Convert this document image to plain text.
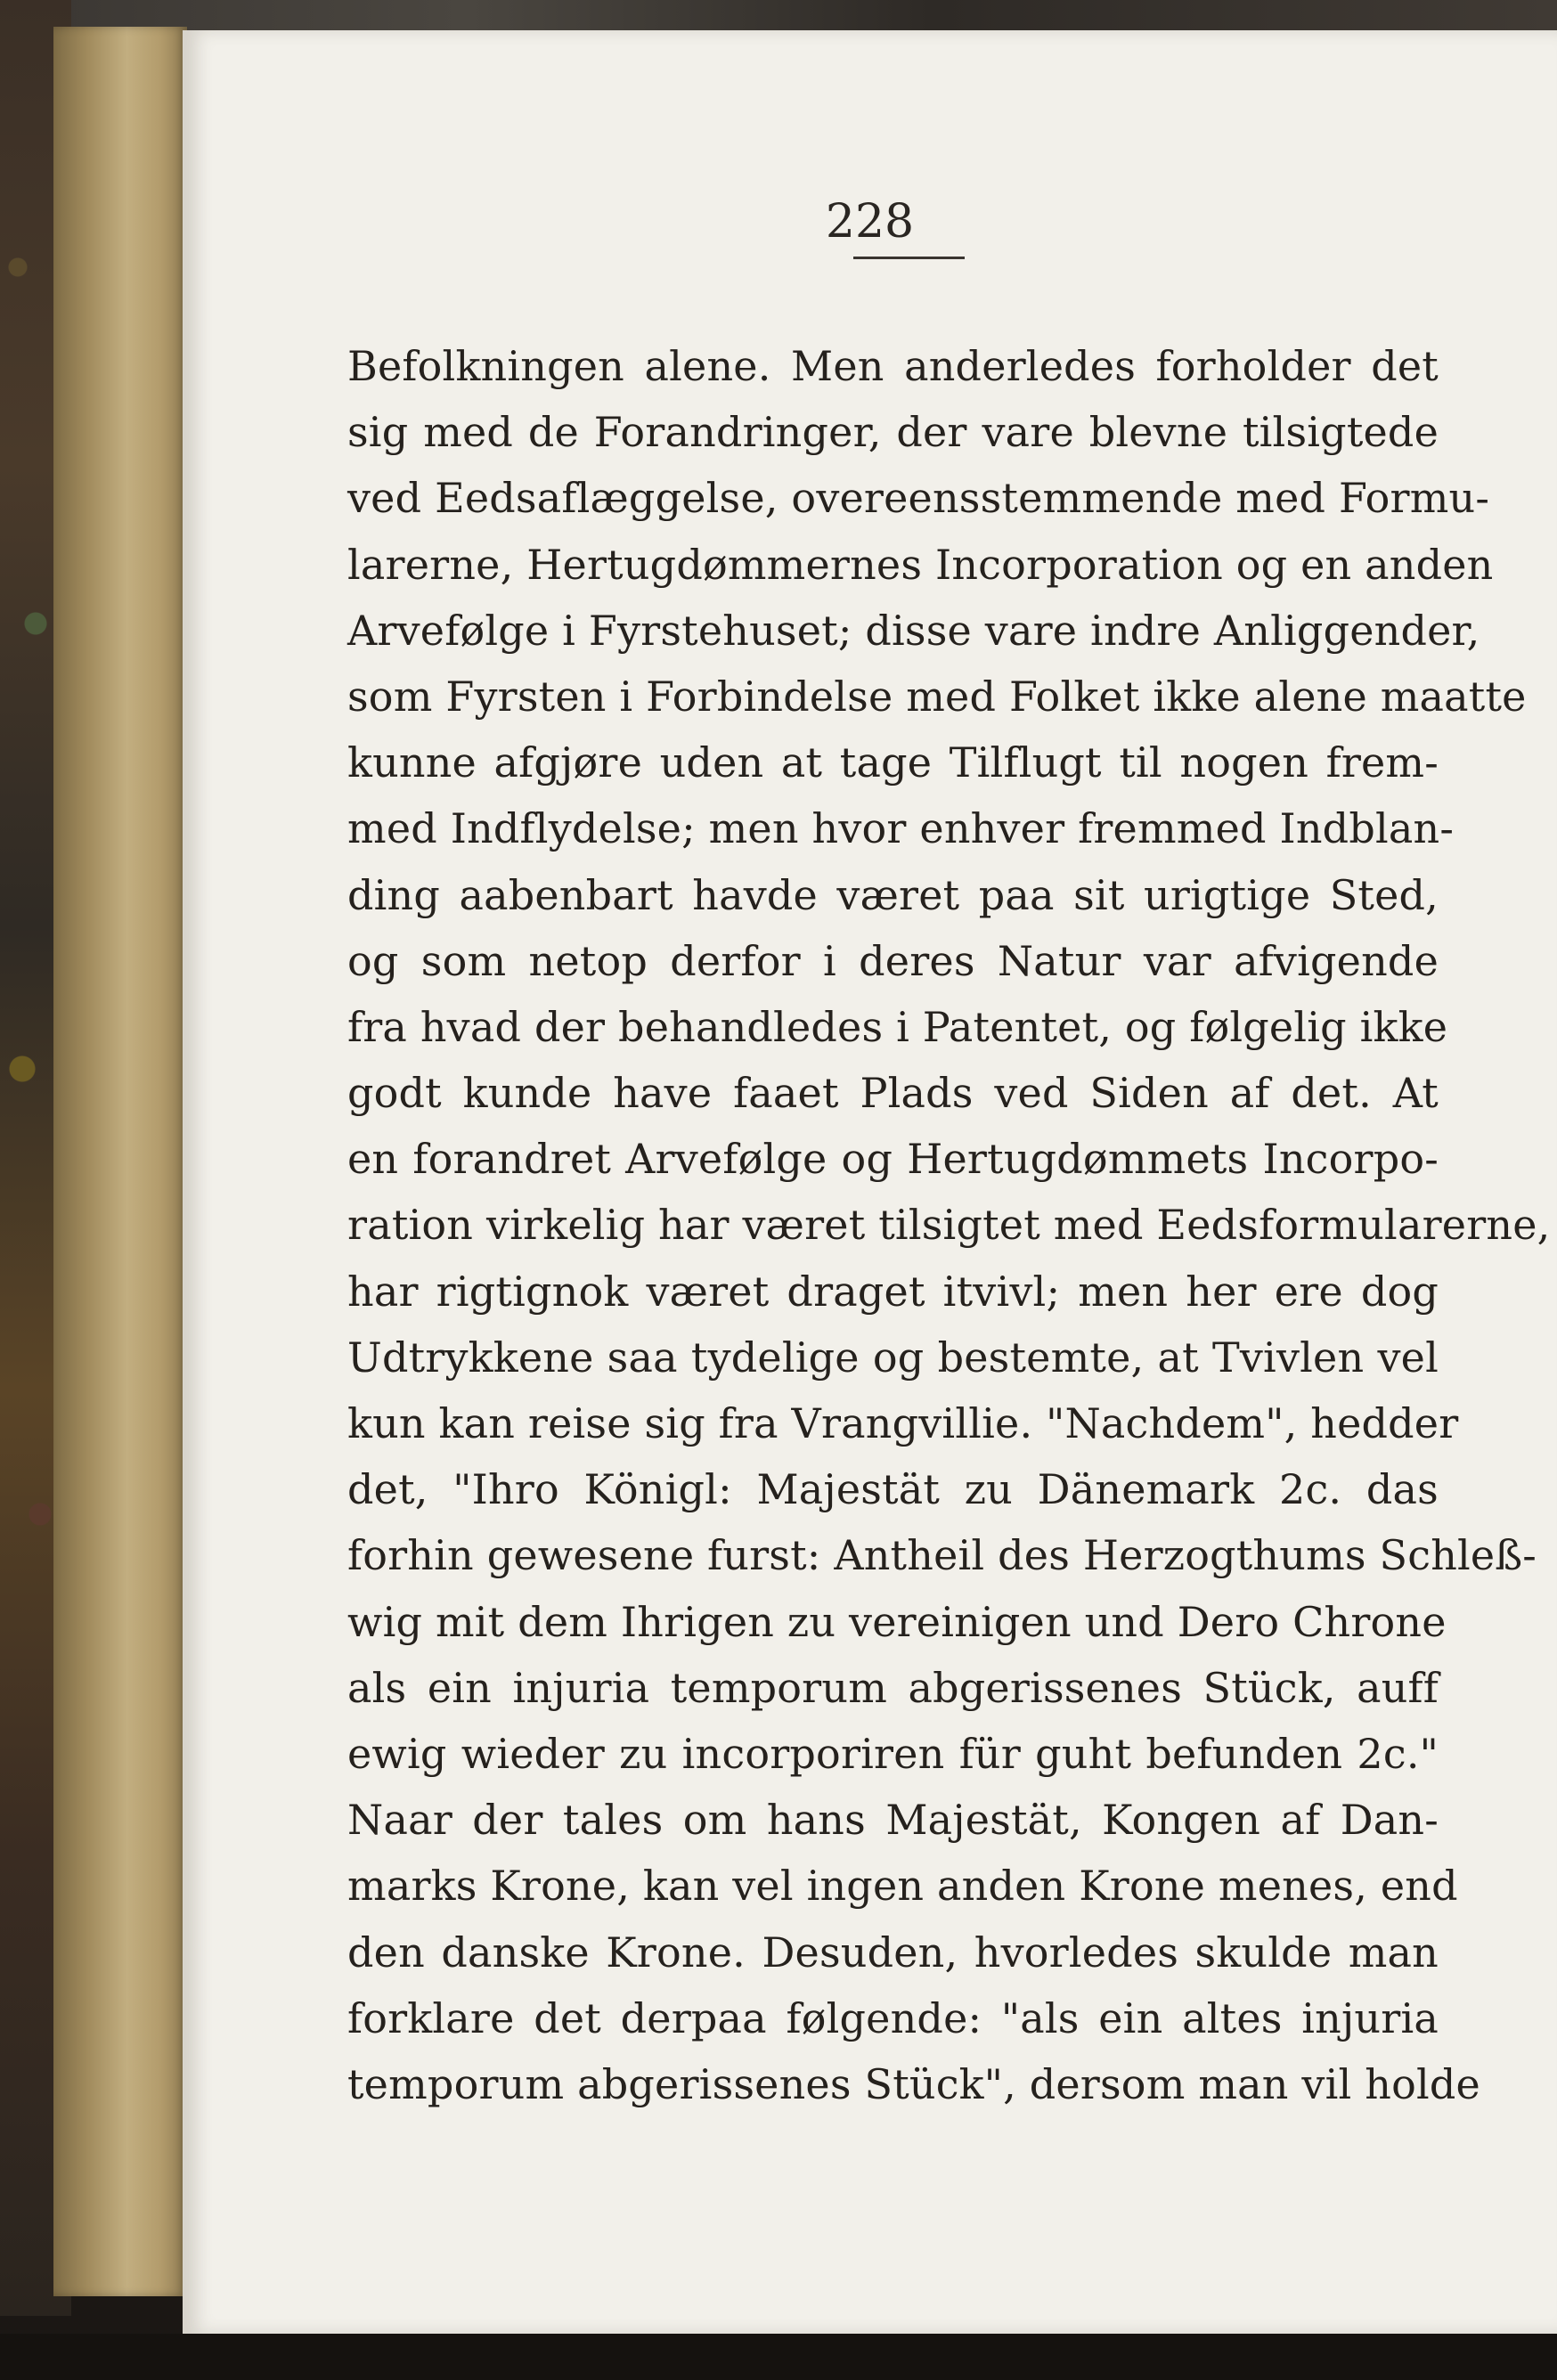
228
Befolkningen alene. Men anderledes forholder det
sig med de Forandringer, der vare blevne tilsigtede
ved Eedsaflæggelse, overeensstemmende med Formu-
larerne, Hertugdømmernes Incorporation og en anden
Arvefølge i Fyrstehuset; disse vare indre Anliggender,
som Fyrsten i Forbindelse med Folket ikke alene maatte
kunne afgjøre uden at tage Tilflugt til nogen frem-
med Indflydelse; men hvor enhver fremmed Indblan-
ding aabenbart havde været paa sit urigtige Sted,
og som netop derfor i deres Natur var afvigende
fra hvad der behandledes i Patentet, og følgelig ikke
godt kunde have faaet Plads ved Siden af det. At
en forandret Arvefølge og Hertugdømmets Incorpo-
ration virkelig har været tilsigtet med Eedsformularerne,
har rigtignok været draget itvivl; men her ere dog
Udtrykkene saa tydelige og bestemte, at Tvivlen vel
kun kan reise sig fra Vrangvillie. "Nachdem", hedder
det, "Ihro Königl: Majestät zu Dänemark 2c. das
forhin gewesene furst: Antheil des Herzogthums Schleß-
wig mit dem Ihrigen zu vereinigen und Dero Chrone
als ein injuria temporum abgerissenes Stück, auff
ewig wieder zu incorporiren für guht befunden 2c."
Naar der tales om hans Majestät, Kongen af Dan-
marks Krone, kan vel ingen anden Krone menes, end
den danske Krone. Desuden, hvorledes skulde man
forklare det derpaa følgende: "als ein altes injuria
temporum abgerissenes Stück", dersom man vil holde
